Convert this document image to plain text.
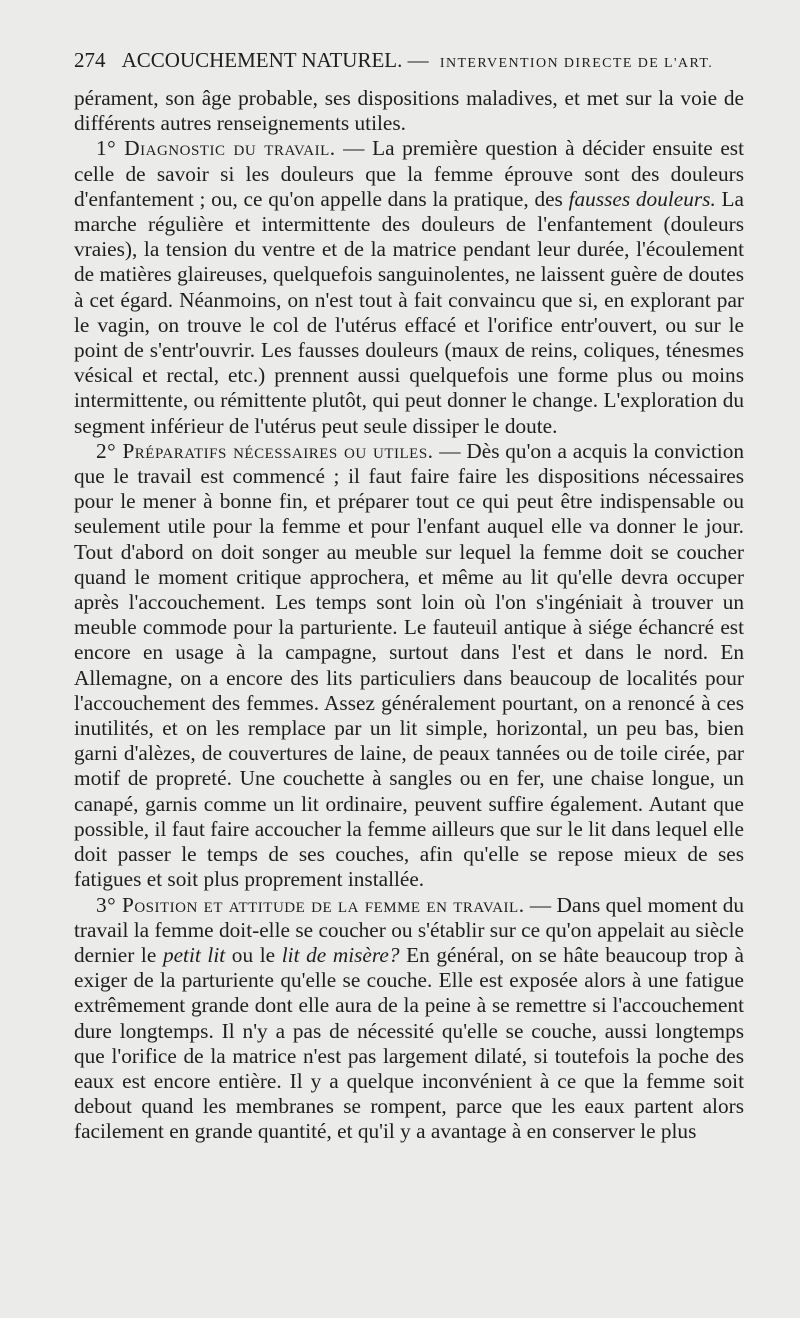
274 ACCOUCHEMENT NATUREL. — INTERVENTION DIRECTE DE L'ART.

pérament, son âge probable, ses dispositions maladives, et met sur la voie de différents autres renseignements utiles.

1° Diagnostic du travail. — La première question à décider ensuite est celle de savoir si les douleurs que la femme éprouve sont des douleurs d'enfantement ; ou, ce qu'on appelle dans la pratique, des fausses douleurs. La marche régulière et intermittente des douleurs de l'enfantement (douleurs vraies), la tension du ventre et de la matrice pendant leur durée, l'écoulement de matières glaireuses, quelquefois sanguinolentes, ne laissent guère de doutes à cet égard. Néanmoins, on n'est tout à fait convaincu que si, en explorant par le vagin, on trouve le col de l'utérus effacé et l'orifice entr'ouvert, ou sur le point de s'entr'ouvrir. Les fausses douleurs (maux de reins, coliques, ténesmes vésical et rectal, etc.) prennent aussi quelquefois une forme plus ou moins intermittente, ou rémittente plutôt, qui peut donner le change. L'exploration du segment inférieur de l'utérus peut seule dissiper le doute.

2° Préparatifs nécessaires ou utiles. — Dès qu'on a acquis la conviction que le travail est commencé ; il faut faire faire les dispositions nécessaires pour le mener à bonne fin, et préparer tout ce qui peut être indispensable ou seulement utile pour la femme et pour l'enfant auquel elle va donner le jour. Tout d'abord on doit songer au meuble sur lequel la femme doit se coucher quand le moment critique approchera, et même au lit qu'elle devra occuper après l'accouchement. Les temps sont loin où l'on s'ingéniait à trouver un meuble commode pour la parturiente. Le fauteuil antique à siége échancré est encore en usage à la campagne, surtout dans l'est et dans le nord. En Allemagne, on a encore des lits particuliers dans beaucoup de localités pour l'accouchement des femmes. Assez généralement pourtant, on a renoncé à ces inutilités, et on les remplace par un lit simple, horizontal, un peu bas, bien garni d'alèzes, de couvertures de laine, de peaux tannées ou de toile cirée, par motif de propreté. Une couchette à sangles ou en fer, une chaise longue, un canapé, garnis comme un lit ordinaire, peuvent suffire également. Autant que possible, il faut faire accoucher la femme ailleurs que sur le lit dans lequel elle doit passer le temps de ses couches, afin qu'elle se repose mieux de ses fatigues et soit plus proprement installée.

3° Position et attitude de la femme en travail. — Dans quel moment du travail la femme doit-elle se coucher ou s'établir sur ce qu'on appelait au siècle dernier le petit lit ou le lit de misère? En général, on se hâte beaucoup trop à exiger de la parturiente qu'elle se couche. Elle est exposée alors à une fatigue extrêmement grande dont elle aura de la peine à se remettre si l'accouchement dure longtemps. Il n'y a pas de nécessité qu'elle se couche, aussi longtemps que l'orifice de la matrice n'est pas largement dilaté, si toutefois la poche des eaux est encore entière. Il y a quelque inconvénient à ce que la femme soit debout quand les membranes se rompent, parce que les eaux partent alors facilement en grande quantité, et qu'il y a avantage à en conserver le plus
